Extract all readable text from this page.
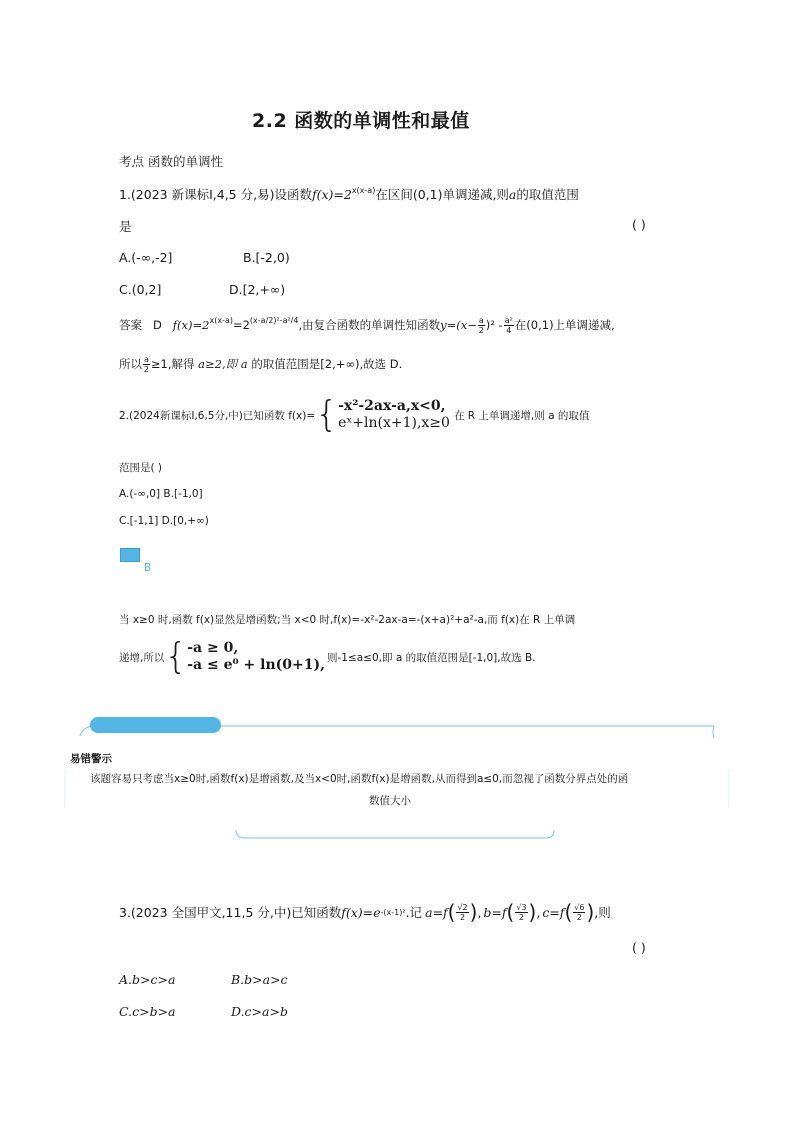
2.2 函数的单调性和最值
考点 函数的单调性
1.(2023 新课标Ⅰ,4,5 分,易)设函数$f(x)=2^{x(x-a)}$在区间(0,1)单调递减,则a的取值范围
是	( )
A.(-∞,-2]	B.[-2,0)
C.(0,2]	D.[2,+∞)
答案 D $f(x)=2^{x(x-a)}=2^{(x-a/2)^2-a^2/4}$,由复合函数的单调性知函数$y=(x- \frac{a}{2} )^2 - \frac{\text{a²}}{4}$ 在(0,1)上单调递减,
所以 $\frac{a}{2} \ge 1$,解得 a≥2,即 a 的取值范围是[2,+∞),故选 D.
2.(2024新课标Ⅰ,6,5分,中)已知函数 f(x)= { -x²-2ax-a,x<0,
eˣ+ln(x+1),x≥0 在 R 上单调递增,则 a 的取值
范围是( )
A.(-∞,0] B.[-1,0]
C.[-1,1] D.[0,+∞)
B
当 x≥0 时,函数 f(x)显然是增函数;当 x<0 时,f(x)=-x²-2ax-a=-(x+a)²+a²-a,而 f(x)在 R 上单调
递增,所以 { -a ≥ 0,
-a ≤ e⁰ + ln(0+1), 则-1≤a≤0,即 a 的取值范围是[-1,0],故选 B.
易错警示
该题容易只考虑当x≥0时,函数f(x)是增函数,及当x<0时,函数f(x)是增函数,从而得到a≤0,而忽视了函数分界点处的函
数值大小
3.(2023 全国甲文,11,5 分,中)已知函数 f(x)=e -(x-1)² .记 a=f ( $\frac{√2}{2}$ ) , b=f ( $\frac{√3}{2}$ ) , c=f ( $\frac{√6}{2}$ ) ,则
( )
A.b>c>a	B.b>a>c
C.c>b>a	D.c>a>b
